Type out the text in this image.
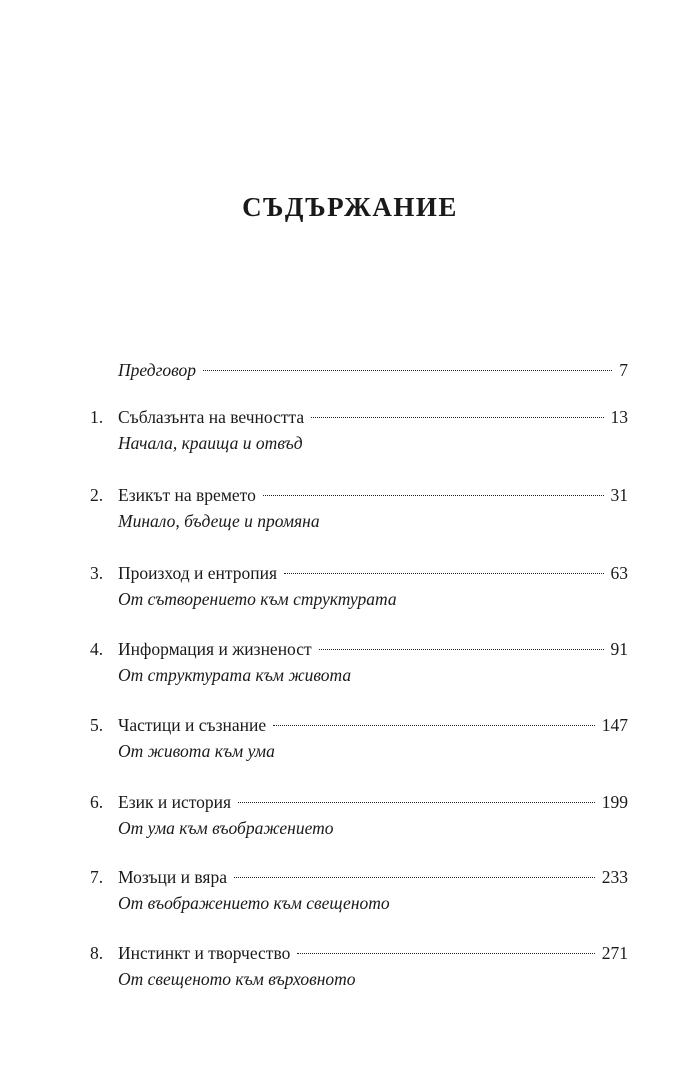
СЪДЪРЖАНИЕ
Предговор	7
1. Съблазънта на вечността	13
Начала, краища и отвъд
2. Езикът на времето	31
Минало, бъдеще и промяна
3. Произход и ентропия	63
От сътворението към структурата
4. Информация и жизненост	91
От структурата към живота
5. Частици и съзнание	147
От живота към ума
6. Език и история	199
От ума към въображението
7. Мозъци и вяра	233
От въображението към свещеното
8. Инстинкт и творчество	271
От свещеното към върховното
